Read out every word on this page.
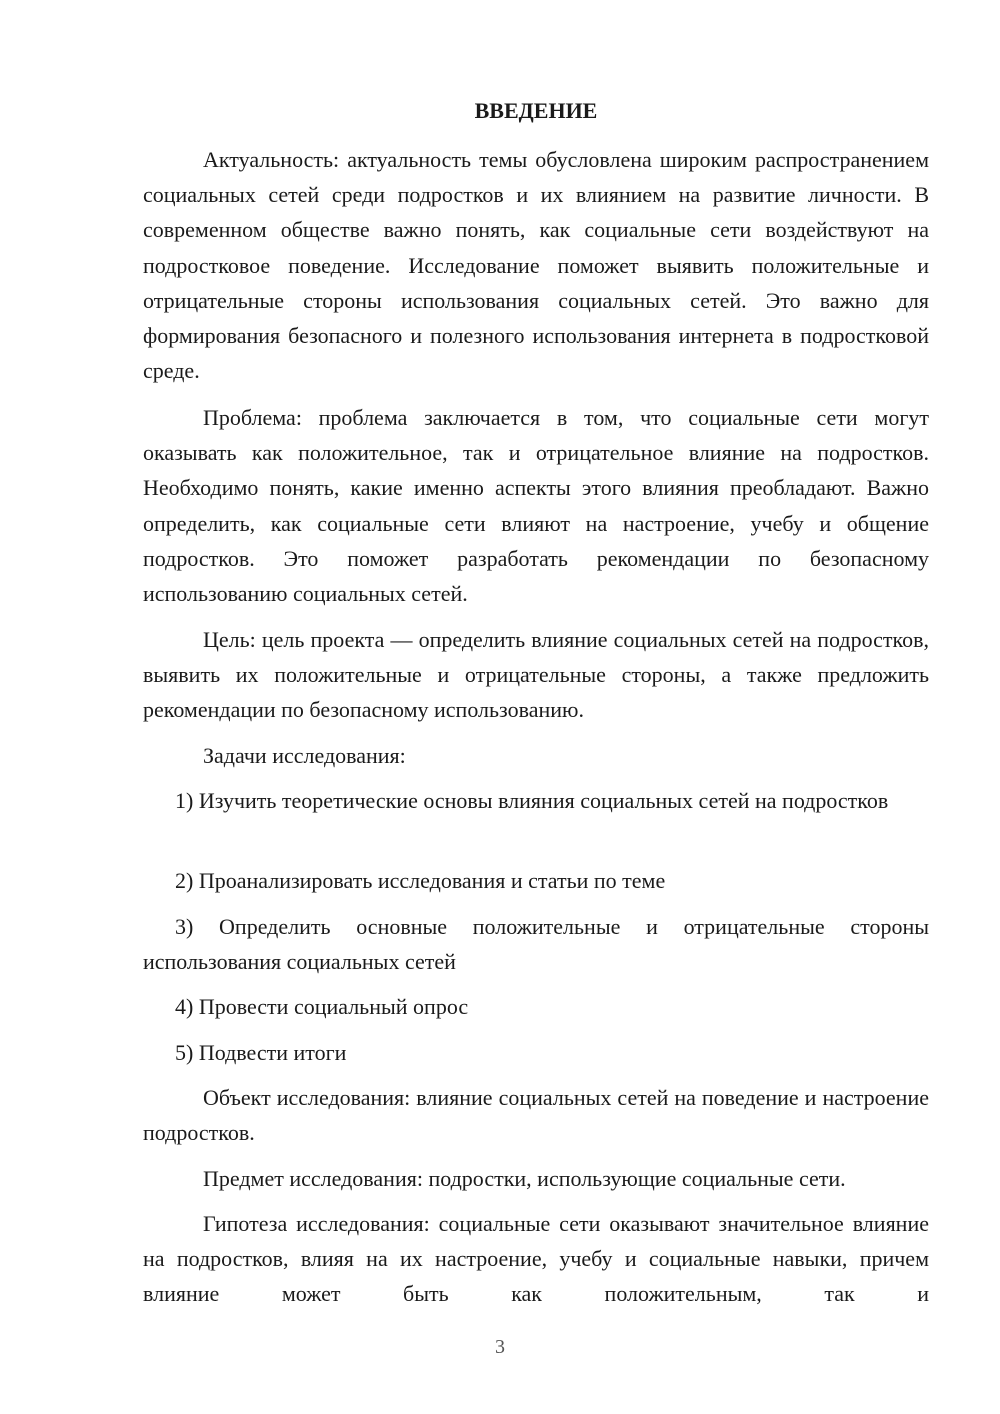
ВВЕДЕНИЕ

Актуальность: актуальность темы обусловлена широким распространением социальных сетей среди подростков и их влиянием на развитие личности. В современном обществе важно понять, как социальные сети воздействуют на подростковое поведение. Исследование поможет выявить положительные и отрицательные стороны использования социальных сетей. Это важно для формирования безопасного и полезного использования интернета в подростковой среде.

Проблема: проблема заключается в том, что социальные сети могут оказывать как положительное, так и отрицательное влияние на подростков. Необходимо понять, какие именно аспекты этого влияния преобладают. Важно определить, как социальные сети влияют на настроение, учебу и общение подростков. Это поможет разработать рекомендации по безопасному использованию социальных сетей.

Цель: цель проекта — определить влияние социальных сетей на подростков, выявить их положительные и отрицательные стороны, а также предложить рекомендации по безопасному использованию.

Задачи исследования:

1) Изучить теоретические основы влияния социальных сетей на подростков

2) Проанализировать исследования и статьи по теме

3) Определить основные положительные и отрицательные стороны использования социальных сетей

4) Провести социальный опрос

5) Подвести итоги

Объект исследования: влияние социальных сетей на поведение и настроение подростков.

Предмет исследования: подростки, использующие социальные сети.

Гипотеза исследования: социальные сети оказывают значительное влияние на подростков, влияя на их настроение, учебу и социальные навыки, причем влияние может быть как положительным, так и

3
